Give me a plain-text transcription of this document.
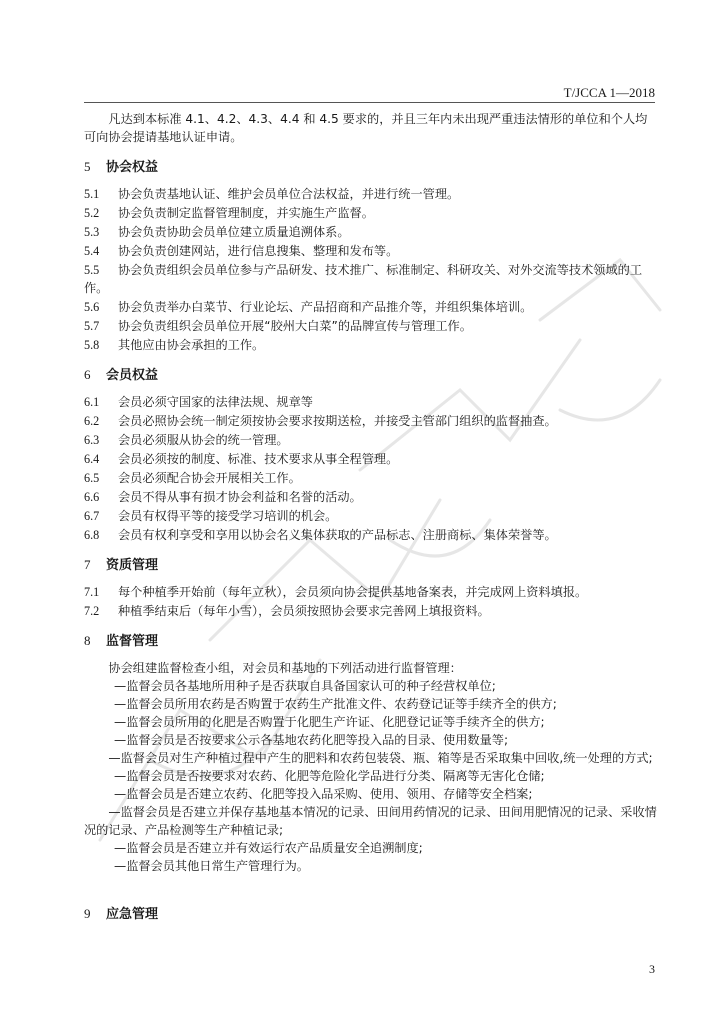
T/JCCA 1—2018

凡达到本标准 4.1、4.2、4.3、4.4 和 4.5 要求的，并且三年内未出现严重违法情形的单位和个人均可向协会提请基地认证申请。

5 协会权益

5.1 协会负责基地认证、维护会员单位合法权益，并进行统一管理。

5.2 协会负责制定监督管理制度，并实施生产监督。

5.3 协会负责协助会员单位建立质量追溯体系。

5.4 协会负责创建网站，进行信息搜集、整理和发布等。

5.5 协会负责组织会员单位参与产品研发、技术推广、标准制定、科研攻关、对外交流等技术领域的工作。

5.6 协会负责举办白菜节、行业论坛、产品招商和产品推介等，并组织集体培训。

5.7 协会负责组织会员单位开展“胶州大白菜”的品牌宣传与管理工作。

5.8 其他应由协会承担的工作。

6 会员权益

6.1 会员必须守国家的法律法规、规章等

6.2 会员必照协会统一制定须按协会要求按期送检，并接受主管部门组织的监督抽查。

6.3 会员必须服从协会的统一管理。

6.4 会员必须按的制度、标准、技术要求从事全程管理。

6.5 会员必须配合协会开展相关工作。

6.6 会员不得从事有损才协会利益和名誉的活动。

6.7 会员有权得平等的接受学习培训的机会。

6.8 会员有权利享受和享用以协会名义集体获取的产品标志、注册商标、集体荣誉等。

7 资质管理

7.1 每个种植季开始前（每年立秋），会员须向协会提供基地备案表，并完成网上资料填报。

7.2 种植季结束后（每年小雪），会员须按照协会要求完善网上填报资料。

8 监督管理

协会组建监督检查小组，对会员和基地的下列活动进行监督管理：

—监督会员各基地所用种子是否获取自具备国家认可的种子经营权单位;

—监督会员所用农药是否购置于农药生产批准文件、农药登记证等手续齐全的供方;

—监督会员所用的化肥是否购置于化肥生产许证、化肥登记证等手续齐全的供方;

—监督会员是否按要求公示各基地农药化肥等投入品的目录、使用数量等;

—监督会员对生产种植过程中产生的肥料和农药包装袋、瓶、箱等是否采取集中回收,统一处理的方式;

—监督会员是否按要求对农药、化肥等危险化学品进行分类、隔离等无害化仓储;

—监督会员是否建立农药、化肥等投入品采购、使用、领用、存储等安全档案;

—监督会员是否建立并保存基地基本情况的记录、田间用药情况的记录、田间用肥情况的记录、采收情况的记录、产品检测等生产种植记录;

—监督会员是否建立并有效运行农产品质量安全追溯制度;

—监督会员其他日常生产管理行为。

9 应急管理
3
